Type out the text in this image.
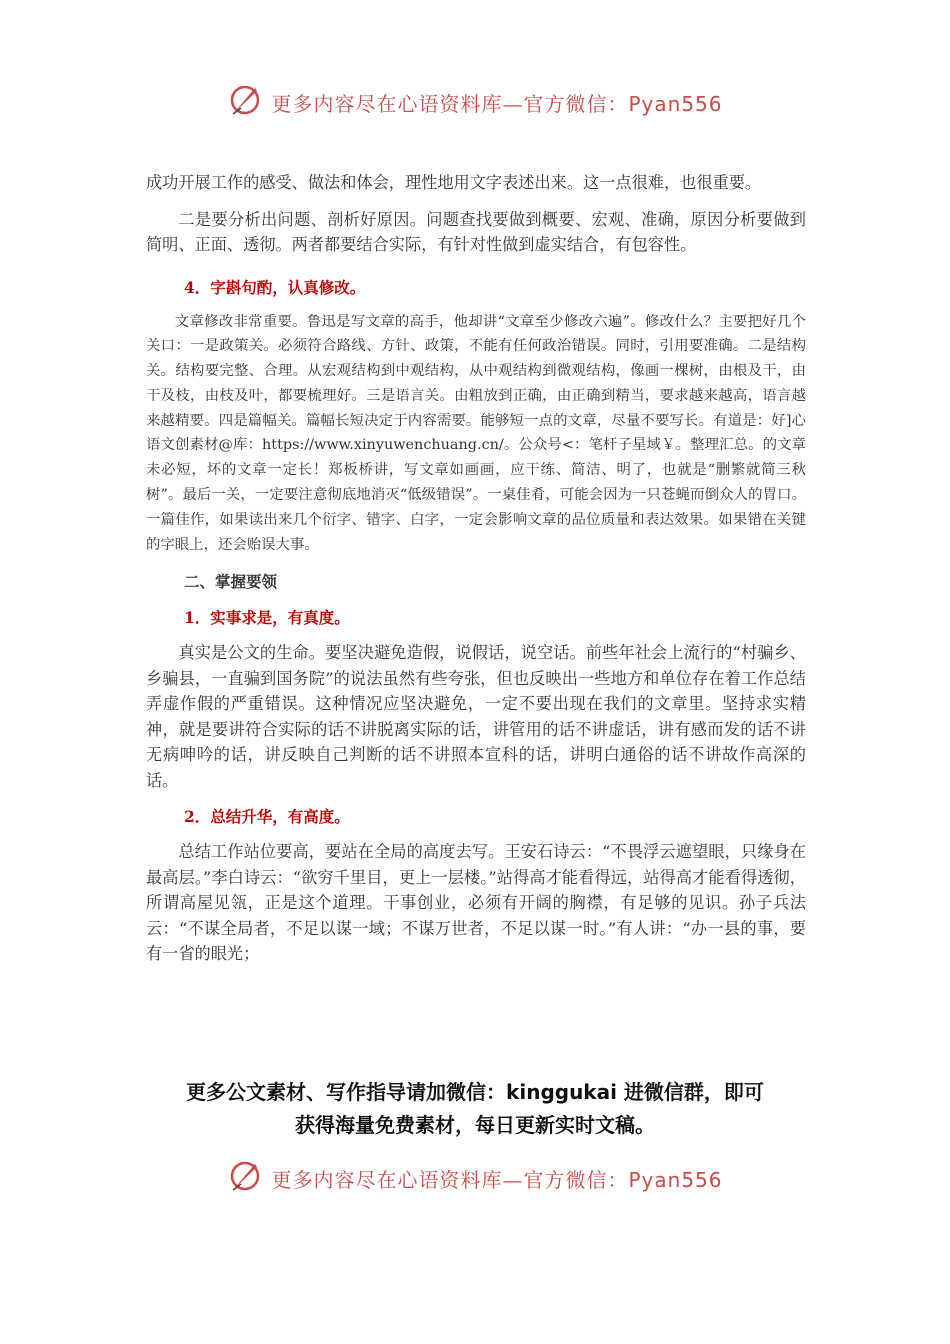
更多内容尽在心语资料库—官方微信：Pyan556

成功开展工作的感受、做法和体会，理性地用文字表述出来。这一点很难，也很重要。

二是要分析出问题、剖析好原因。问题查找要做到概要、宏观、准确，原因分析要做到简明、正面、透彻。两者都要结合实际，有针对性做到虚实结合，有包容性。

4．字斟句酌，认真修改。

文章修改非常重要。鲁迅是写文章的高手，他却讲“文章至少修改六遍”。修改什么？主要把好几个关口：一是政策关。必须符合路线、方针、政策，不能有任何政治错误。同时，引用要准确。二是结构关。结构要完整、合理。从宏观结构到中观结构，从中观结构到微观结构，像画一棵树，由根及干，由干及枝，由枝及叶，都要梳理好。三是语言关。由粗放到正确，由正确到精当，要求越来越高，语言越来越精要。四是篇幅关。篇幅长短决定于内容需要。能够短一点的文章，尽量不要写长。有道是：好]心语文创素材@库：https://www.xinyuwenchuang.cn/。公众号<：笔杆子星域￥。整理汇总。的文章未必短，坏的文章一定长！郑板桥讲，写文章如画画，应干练、简洁、明了，也就是“删繁就简三秋树”。最后一关，一定要注意彻底地消灭“低级错误”。一桌佳肴，可能会因为一只苍蝇而倒众人的胃口。一篇佳作，如果读出来几个衍字、错字、白字，一定会影响文章的品位质量和表达效果。如果错在关键的字眼上，还会贻误大事。

二、掌握要领

1．实事求是，有真度。

真实是公文的生命。要坚决避免造假，说假话，说空话。前些年社会上流行的“村骗乡、乡骗县，一直骗到国务院”的说法虽然有些夸张，但也反映出一些地方和单位存在着工作总结弄虚作假的严重错误。这种情况应坚决避免，一定不要出现在我们的文章里。坚持求实精神，就是要讲符合实际的话不讲脱离实际的话，讲管用的话不讲虚话，讲有感而发的话不讲无病呻吟的话，讲反映自己判断的话不讲照本宣科的话，讲明白通俗的话不讲故作高深的话。

2．总结升华，有高度。

总结工作站位要高，要站在全局的高度去写。王安石诗云：“不畏浮云遮望眼，只缘身在最高层。”李白诗云：“欲穷千里目，更上一层楼。”站得高才能看得远，站得高才能看得透彻，所谓高屋见瓴，正是这个道理。干事创业，必须有开阔的胸襟，有足够的见识。孙子兵法云：“不谋全局者，不足以谋一域；不谋万世者，不足以谋一时。”有人讲：“办一县的事，要有一省的眼光；

更多公文素材、写作指导请加微信：kinggukai 进微信群，即可
获得海量免费素材，每日更新实时文稿。
更多内容尽在心语资料库—官方微信：Pyan556
